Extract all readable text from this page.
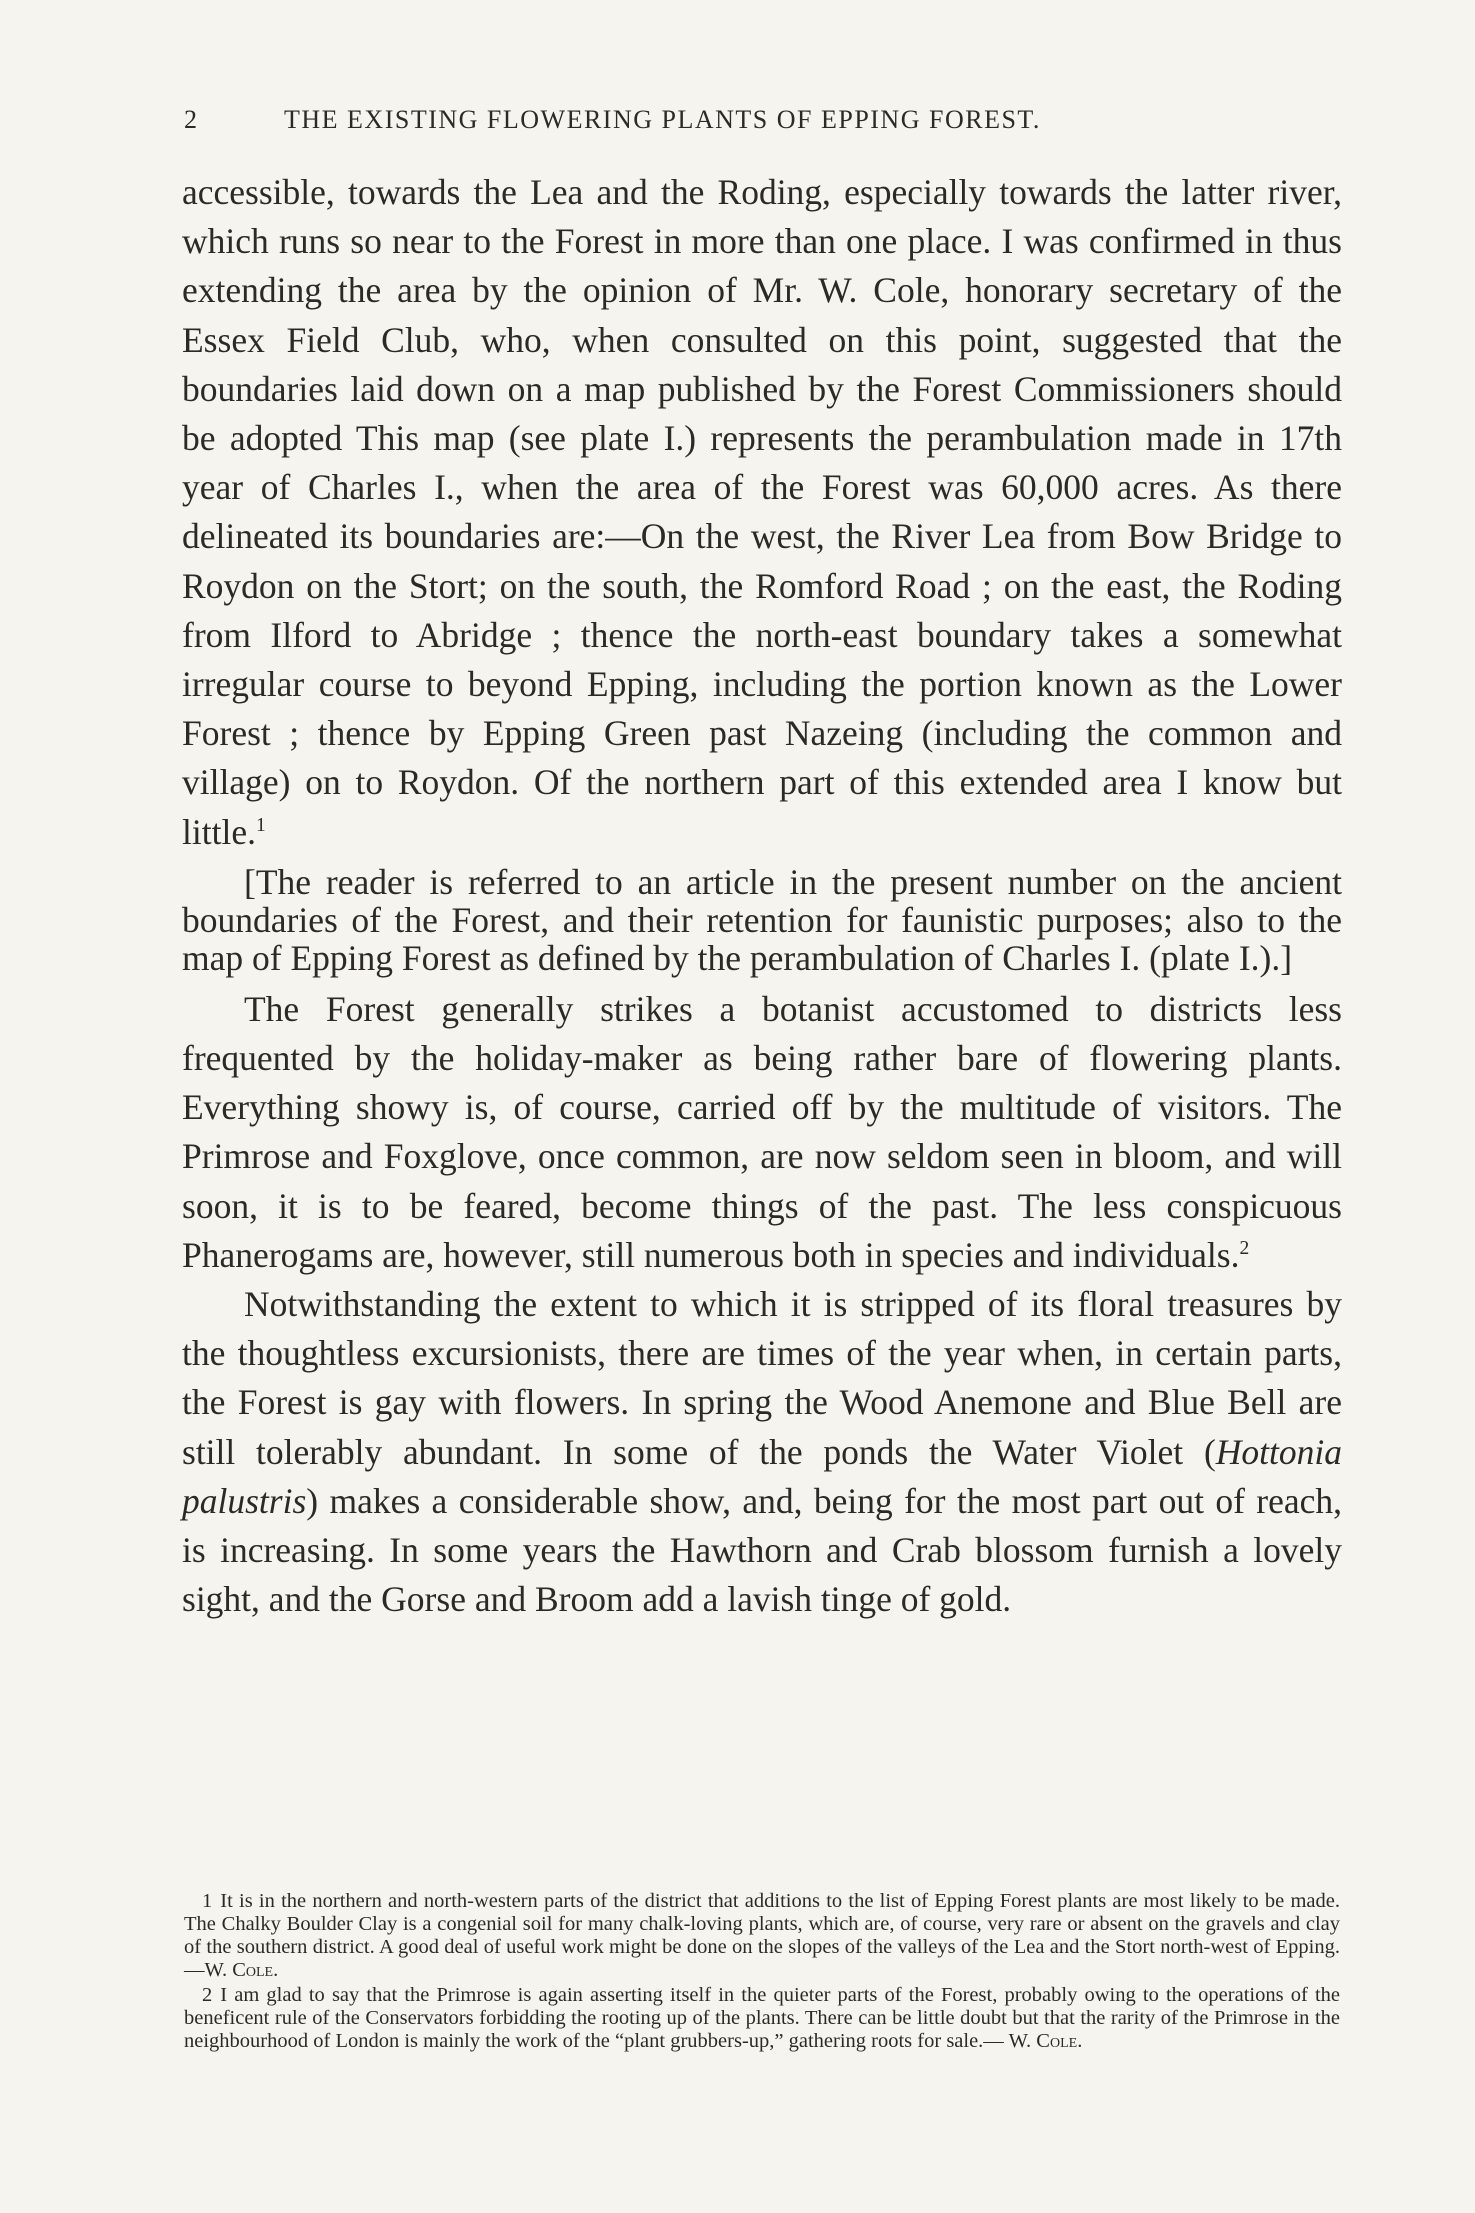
2	THE EXISTING FLOWERING PLANTS OF EPPING FOREST.

accessible, towards the Lea and the Roding, especially towards the latter river, which runs so near to the Forest in more than one place. I was confirmed in thus extending the area by the opinion of Mr. W. Cole, honorary secretary of the Essex Field Club, who, when consulted on this point, suggested that the boundaries laid down on a map published by the Forest Commissioners should be adopted This map (see plate I.) represents the perambulation made in 17th year of Charles I., when the area of the Forest was 60,000 acres. As there delineated its boundaries are:—On the west, the River Lea from Bow Bridge to Roydon on the Stort; on the south, the Romford Road ; on the east, the Roding from Ilford to Abridge ; thence the north-east boundary takes a somewhat irregular course to beyond Epping, including the portion known as the Lower Forest ; thence by Epping Green past Nazeing (including the common and village) on to Roydon. Of the northern part of this extended area I know but little.$^1$

[The reader is referred to an article in the present number on the ancient boundaries of the Forest, and their retention for faunistic purposes; also to the map of Epping Forest as defined by the perambulation of Charles I. (plate I.).]

The Forest generally strikes a botanist accustomed to districts less frequented by the holiday-maker as being rather bare of flowering plants. Everything showy is, of course, carried off by the multitude of visitors. The Primrose and Foxglove, once common, are now seldom seen in bloom, and will soon, it is to be feared, become things of the past. The less conspicuous Phanerogams are, however, still numerous both in species and individuals.$^2$

Notwithstanding the extent to which it is stripped of its floral treasures by the thoughtless excursionists, there are times of the year when, in certain parts, the Forest is gay with flowers. In spring the Wood Anemone and Blue Bell are still tolerably abundant. In some of the ponds the Water Violet (Hottonia palustris) makes a considerable show, and, being for the most part out of reach, is increasing. In some years the Hawthorn and Crab blossom furnish a lovely sight, and the Gorse and Broom add a lavish tinge of gold.

1 It is in the northern and north-western parts of the district that additions to the list of Epping Forest plants are most likely to be made. The Chalky Boulder Clay is a congenial soil for many chalk-loving plants, which are, of course, very rare or absent on the gravels and clay of the southern district. A good deal of useful work might be done on the slopes of the valleys of the Lea and the Stort north-west of Epping.—W. Cole.

2 I am glad to say that the Primrose is again asserting itself in the quieter parts of the Forest, probably owing to the operations of the beneficent rule of the Conservators forbidding the rooting up of the plants. There can be little doubt but that the rarity of the Primrose in the neighbourhood of London is mainly the work of the “plant grubbers-up,” gathering roots for sale.— W. Cole.
